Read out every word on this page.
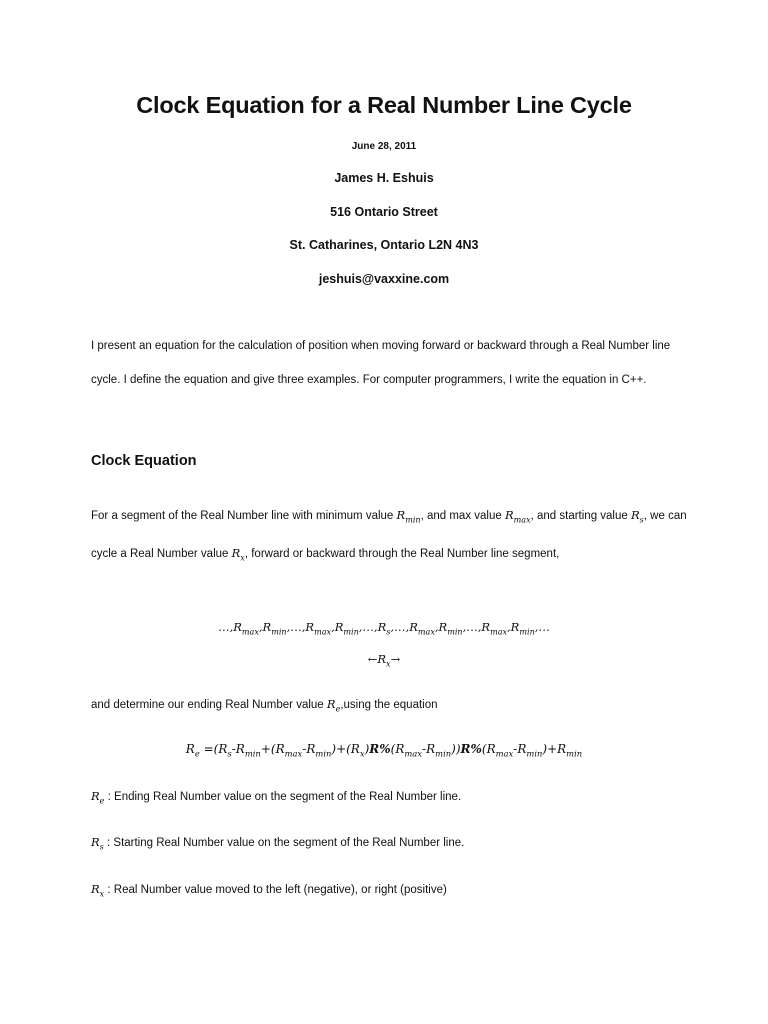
Clock Equation for a Real Number Line Cycle
June 28, 2011
James H. Eshuis
516 Ontario Street
St. Catharines, Ontario L2N 4N3
jeshuis@vaxxine.com
I present an equation for the calculation of position when moving forward or backward through a Real Number line cycle. I define the equation and give three examples. For computer programmers, I write the equation in C++.
Clock Equation
For a segment of the Real Number line with minimum value $R_{min}$, and max value $R_{max}$, and starting value $R_s$, we can cycle a Real Number value $R_x$, forward or backward through the Real Number line segment,
$\dots,R_{max},R_{min},\dots,R_{max},R_{min},\dots,R_s,\dots,R_{max},R_{min},\dots,R_{max},R_{min},\dots$
$\leftarrow R_x\to$
and determine our ending Real Number value $R_e,using$ the equation
$R_e =(R_s-R_{min}+(R_{max}-R_{min})+(R_x)R\%(R_{max}-R_{min}))R\%(R_{max}-R_{min})+R_{min}$
$R_e$ : Ending Real Number value on the segment of the Real Number line.
$R_s$ : Starting Real Number value on the segment of the Real Number line.
$R_x$ : Real Number value moved to the left (negative), or right (positive)
